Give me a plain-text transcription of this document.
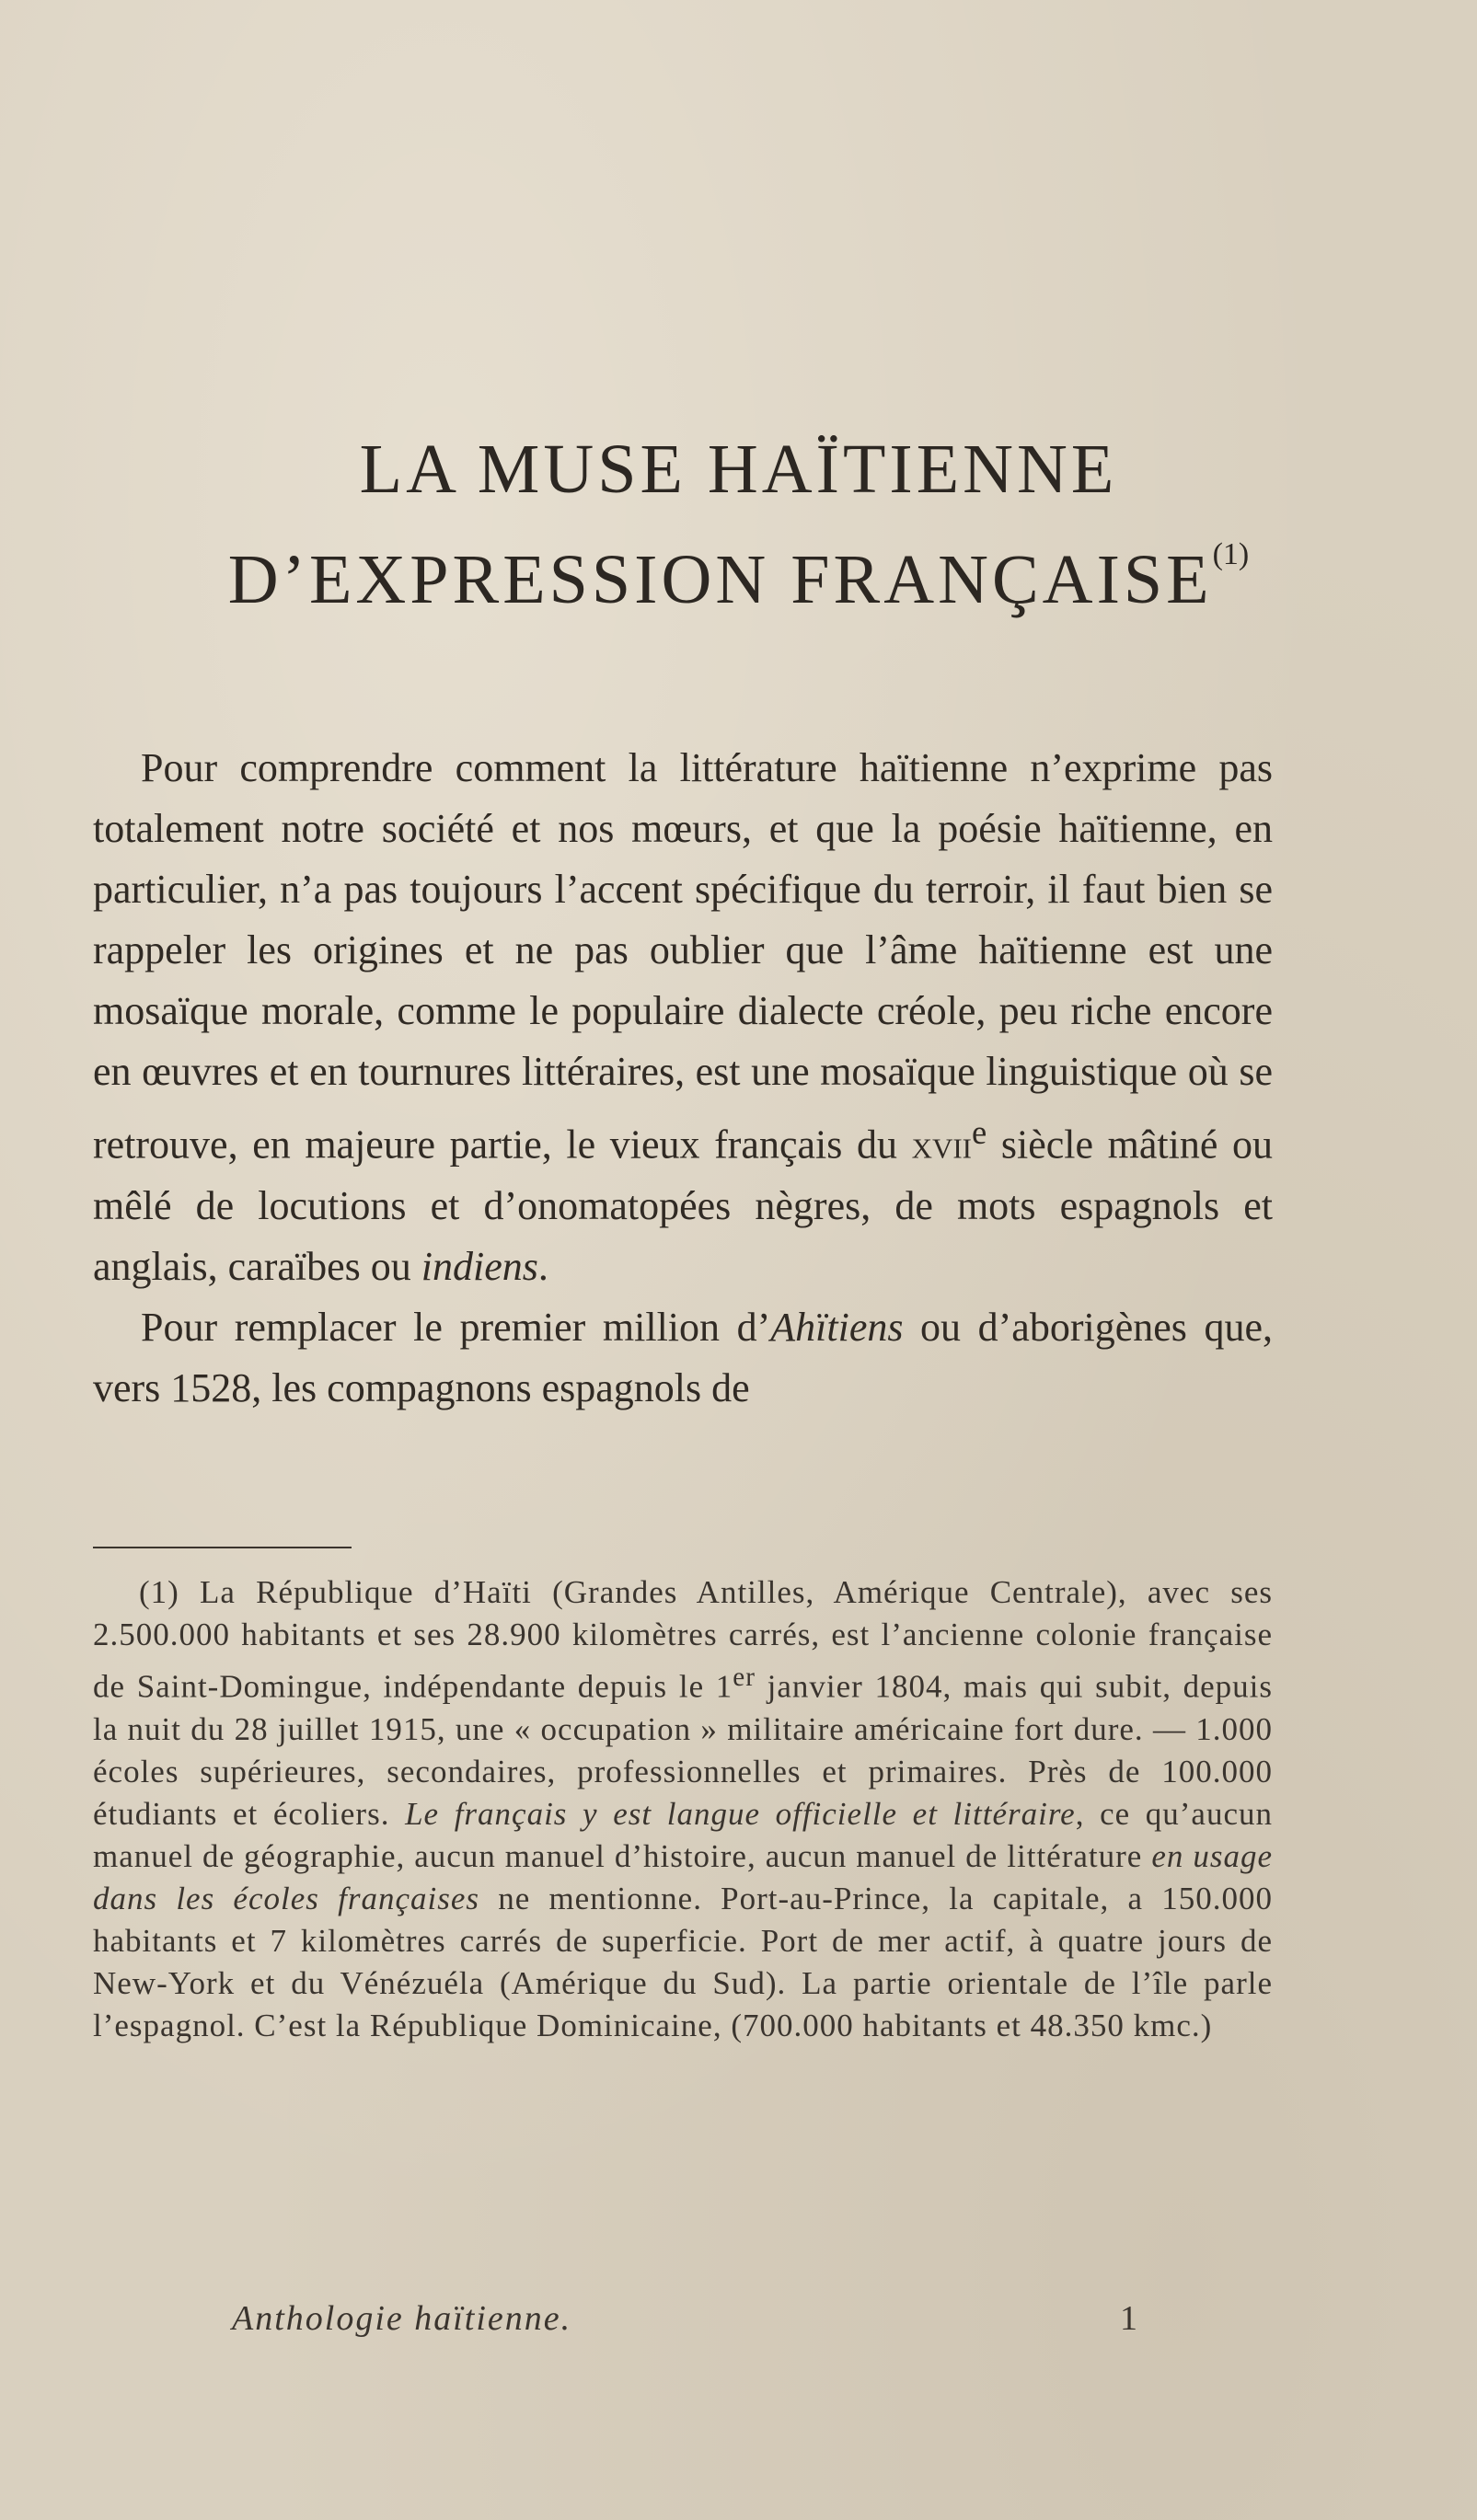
LA MUSE HAÏTIENNE
D’EXPRESSION FRANÇAISE$^{(1)}$

Pour comprendre comment la littérature haïtienne n’exprime pas totalement notre société et nos mœurs, et que la poésie haïtienne, en particulier, n’a pas toujours l’accent spécifique du terroir, il faut bien se rappeler les origines et ne pas oublier que l’âme haïtienne est une mosaïque morale, comme le populaire dialecte créole, peu riche encore en œuvres et en tournures littéraires, est une mosaïque linguistique où se retrouve, en majeure partie, le vieux français du xvii$^e$ siècle mâtiné ou mêlé de locutions et d’onomatopées nègres, de mots espagnols et anglais, caraïbes ou indiens.

Pour remplacer le premier million d’Ahïtiens ou d’aborigènes que, vers 1528, les compagnons espagnols de

(1) La République d’Haïti (Grandes Antilles, Amérique Centrale), avec ses 2.500.000 habitants et ses 28.900 kilomètres carrés, est l’ancienne colonie française de Saint-Domingue, indépendante depuis le 1er janvier 1804, mais qui subit, depuis la nuit du 28 juillet 1915, une « occupation » militaire américaine fort dure. — 1.000 écoles supérieures, secondaires, professionnelles et primaires. Près de 100.000 étudiants et écoliers. Le français y est langue officielle et littéraire, ce qu’aucun manuel de géographie, aucun manuel d’histoire, aucun manuel de littérature en usage dans les écoles françaises ne mentionne. Port-au-Prince, la capitale, a 150.000 habitants et 7 kilomètres carrés de superficie. Port de mer actif, à quatre jours de New-York et du Vénézuéla (Amérique du Sud). La partie orientale de l’île parle l’espagnol. C’est la République Dominicaine, (700.000 habitants et 48.350 kmc.)

Anthologie haïtienne.	1
